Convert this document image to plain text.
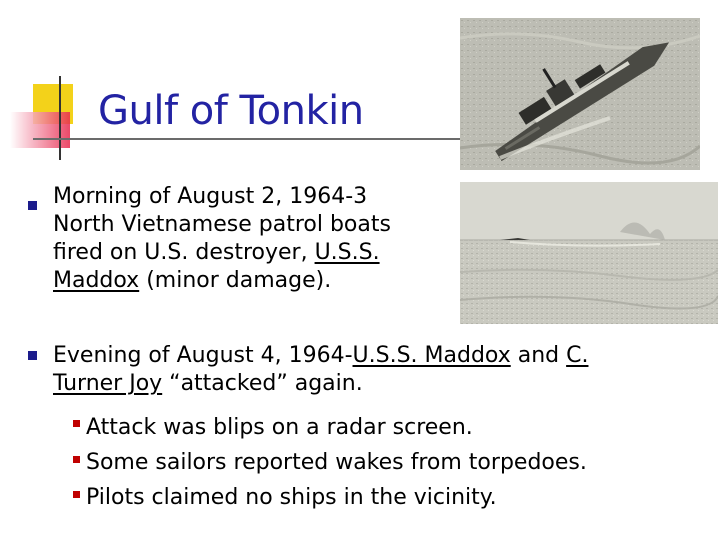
Gulf of Tonkin
Morning of August 2, 1964-3
North Vietnamese patrol boats
fired on U.S. destroyer, U.S.S.
Maddox (minor damage).
Evening of August 4, 1964-U.S.S. Maddox and C.
Turner Joy “attacked” again.
Attack was blips on a radar screen.
Some sailors reported wakes from torpedoes.
Pilots claimed no ships in the vicinity.
